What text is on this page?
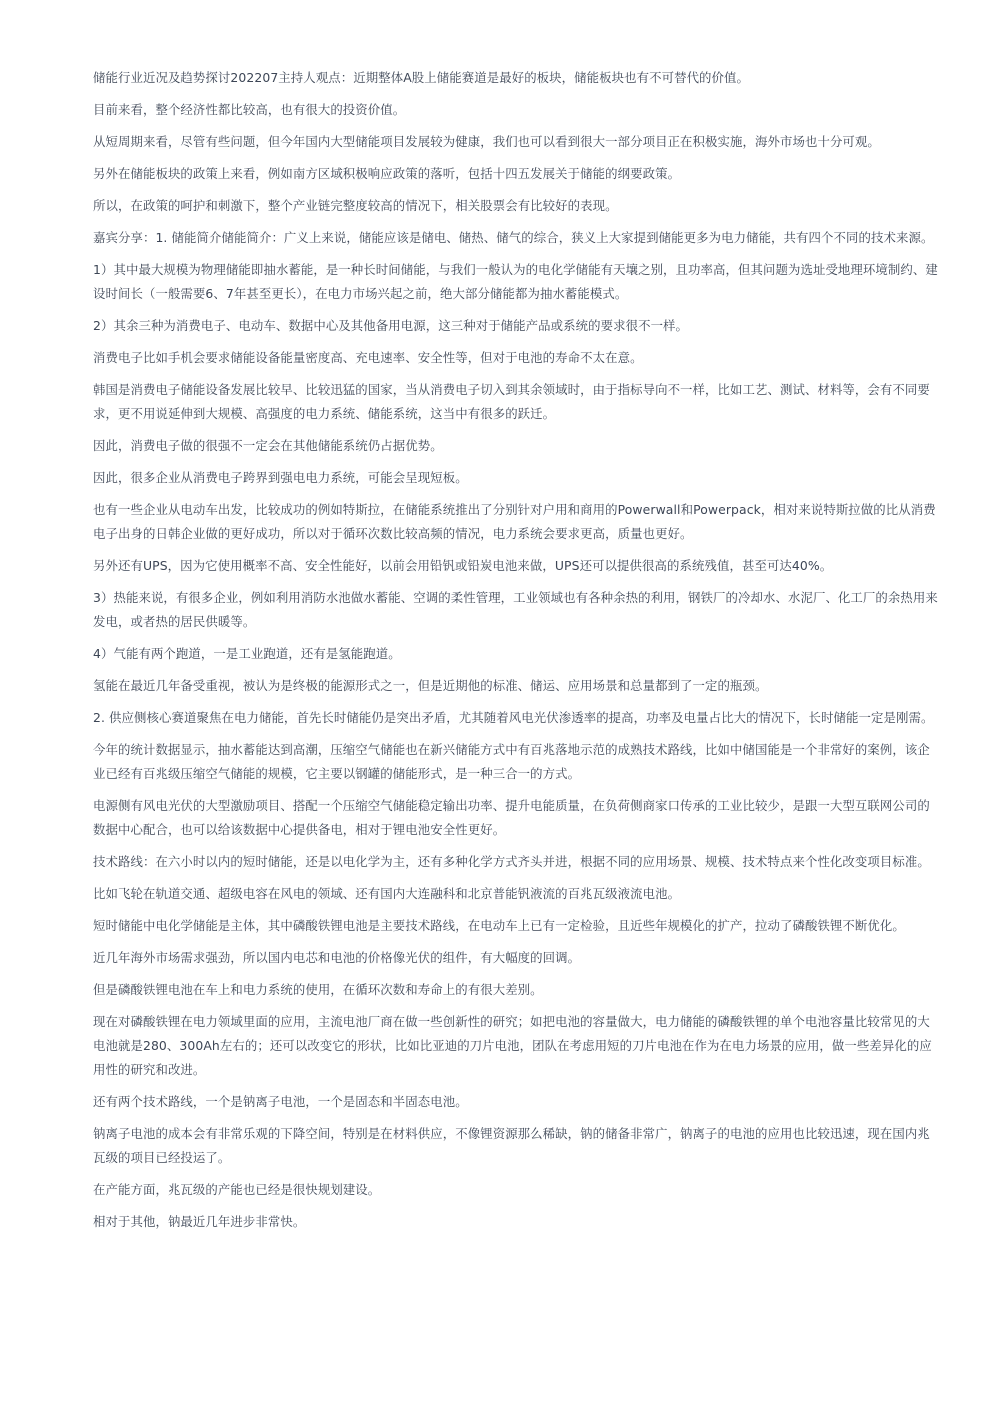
储能行业近况及趋势探讨202207主持人观点：近期整体A股上储能赛道是最好的板块，储能板块也有不可替代的价值。

目前来看，整个经济性都比较高，也有很大的投资价值。

从短周期来看，尽管有些问题，但今年国内大型储能项目发展较为健康，我们也可以看到很大一部分项目正在积极实施，海外市场也十分可观。

另外在储能板块的政策上来看，例如南方区域积极响应政策的落听，包括十四五发展关于储能的纲要政策。

所以，在政策的呵护和刺激下，整个产业链完整度较高的情况下，相关股票会有比较好的表现。

嘉宾分享：1. 储能简介储能简介：广义上来说，储能应该是储电、储热、储气的综合，狭义上大家提到储能更多为电力储能，共有四个不同的技术来源。

1）其中最大规模为物理储能即抽水蓄能，是一种长时间储能，与我们一般认为的电化学储能有天壤之别，且功率高，但其问题为选址受地理环境制约、建设时间长（一般需要6、7年甚至更长），在电力市场兴起之前，绝大部分储能都为抽水蓄能模式。

2）其余三种为消费电子、电动车、数据中心及其他备用电源，这三种对于储能产品或系统的要求很不一样。

消费电子比如手机会要求储能设备能量密度高、充电速率、安全性等，但对于电池的寿命不太在意。

韩国是消费电子储能设备发展比较早、比较迅猛的国家，当从消费电子切入到其余领域时，由于指标导向不一样，比如工艺、测试、材料等，会有不同要求，更不用说延伸到大规模、高强度的电力系统、储能系统，这当中有很多的跃迁。

因此，消费电子做的很强不一定会在其他储能系统仍占据优势。

因此，很多企业从消费电子跨界到强电电力系统，可能会呈现短板。

也有一些企业从电动车出发，比较成功的例如特斯拉，在储能系统推出了分别针对户用和商用的Powerwall和Powerpack，相对来说特斯拉做的比从消费电子出身的日韩企业做的更好成功，所以对于循环次数比较高频的情况，电力系统会要求更高，质量也更好。

另外还有UPS，因为它使用概率不高、安全性能好，以前会用铅钒或铅炭电池来做，UPS还可以提供很高的系统残值，甚至可达40%。

3）热能来说，有很多企业，例如利用消防水池做水蓄能、空调的柔性管理，工业领域也有各种余热的利用，钢铁厂的冷却水、水泥厂、化工厂的余热用来发电，或者热的居民供暖等。

4）气能有两个跑道，一是工业跑道，还有是氢能跑道。

氢能在最近几年备受重视，被认为是终极的能源形式之一，但是近期他的标准、储运、应用场景和总量都到了一定的瓶颈。

2. 供应侧核心赛道聚焦在电力储能，首先长时储能仍是突出矛盾，尤其随着风电光伏渗透率的提高，功率及电量占比大的情况下，长时储能一定是刚需。

今年的统计数据显示，抽水蓄能达到高潮，压缩空气储能也在新兴储能方式中有百兆落地示范的成熟技术路线，比如中储国能是一个非常好的案例，该企业已经有百兆级压缩空气储能的规模，它主要以钢罐的储能形式，是一种三合一的方式。

电源侧有风电光伏的大型激励项目、搭配一个压缩空气储能稳定输出功率、提升电能质量，在负荷侧商家口传承的工业比较少，是跟一大型互联网公司的数据中心配合，也可以给该数据中心提供备电，相对于锂电池安全性更好。

技术路线：在六小时以内的短时储能，还是以电化学为主，还有多种化学方式齐头并进，根据不同的应用场景、规模、技术特点来个性化改变项目标准。

比如飞轮在轨道交通、超级电容在风电的领域、还有国内大连融科和北京普能钒液流的百兆瓦级液流电池。

短时储能中电化学储能是主体，其中磷酸铁锂电池是主要技术路线，在电动车上已有一定检验，且近些年规模化的扩产，拉动了磷酸铁锂不断优化。

近几年海外市场需求强劲，所以国内电芯和电池的价格像光伏的组件，有大幅度的回调。

但是磷酸铁锂电池在车上和电力系统的使用，在循环次数和寿命上的有很大差别。

现在对磷酸铁锂在电力领域里面的应用，主流电池厂商在做一些创新性的研究；如把电池的容量做大，电力储能的磷酸铁锂的单个电池容量比较常见的大电池就是280、300Ah左右的；还可以改变它的形状，比如比亚迪的刀片电池，团队在考虑用短的刀片电池在作为在电力场景的应用，做一些差异化的应用性的研究和改进。

还有两个技术路线，一个是钠离子电池，一个是固态和半固态电池。

钠离子电池的成本会有非常乐观的下降空间，特别是在材料供应，不像锂资源那么稀缺，钠的储备非常广，钠离子的电池的应用也比较迅速，现在国内兆瓦级的项目已经投运了。

在产能方面，兆瓦级的产能也已经是很快规划建设。

相对于其他，钠最近几年进步非常快。
